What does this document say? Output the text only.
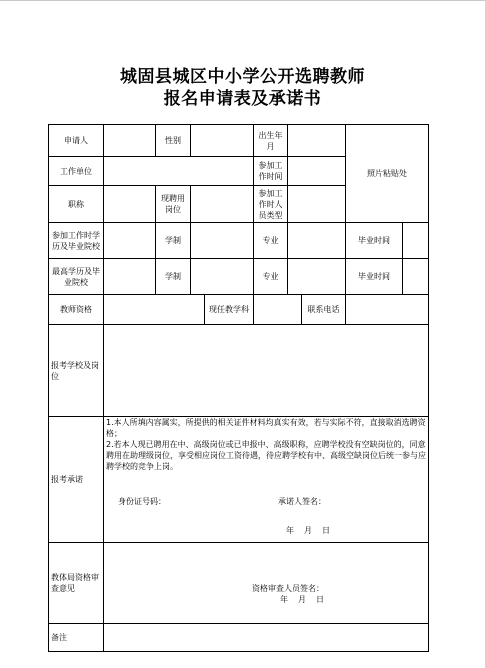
城固县城区中小学公开选聘教师
报名申请表及承诺书
申请人		性别			出生年月			照片粘贴处	
工作单位					参加工作时间				
职称		现聘用岗位			参加工作时人员类型				
参加工作时学历及毕业院校		学制			专业			毕业时间	
最高学历及毕业院校		学制			专业			毕业时间	
教师资格				现任教学科			联系电话		
报考学校及岗位									
报考承诺	1.本人所填内容属实，所提供的相关证件材料均真实有效，若与实际不符，直接取消选聘资格；

2.若本人现已聘用在中、高级岗位或已申报中、高级职称，应聘学校没有空缺岗位的，同意聘用在助理级岗位，享受相应岗位工资待遇，待应聘学校有中、高级空缺岗位后统一参与应聘学校的竞争上岗。

身份证号码： 承诺人签名：
年　月　日								

教体局资格审查意见	资格审查人员签名：
年　月　日								

备注									
